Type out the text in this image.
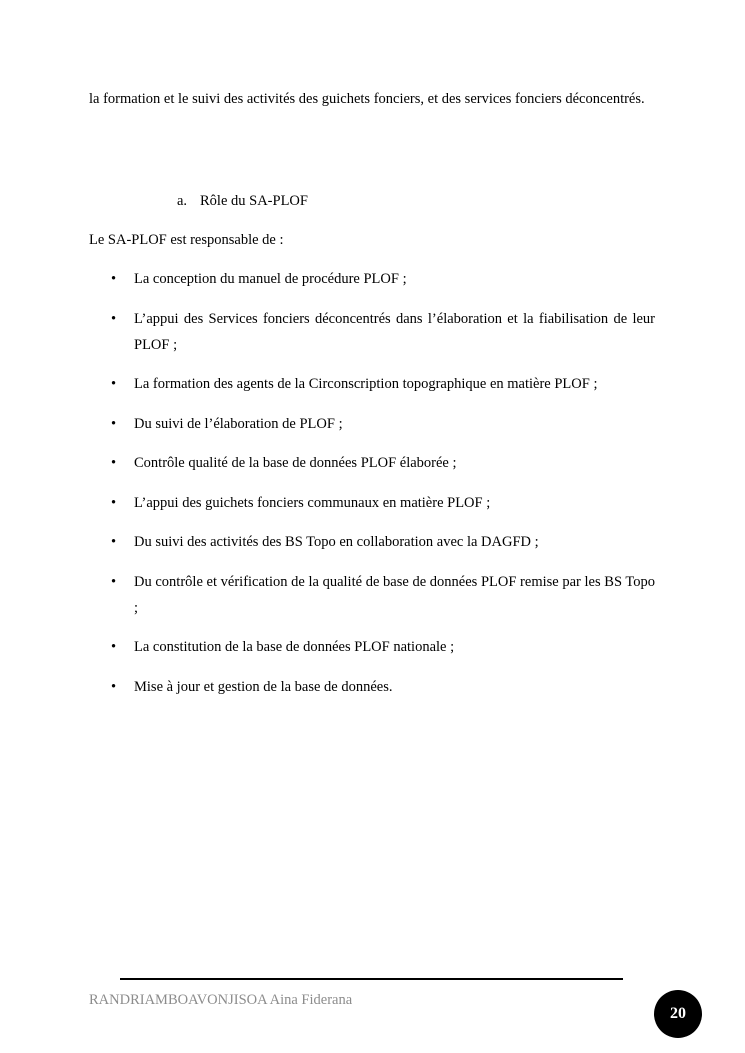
la formation et le suivi des activités des guichets fonciers, et des services fonciers déconcentrés.

a. Rôle du SA-PLOF

Le SA-PLOF est responsable de :

•	La conception du manuel de procédure PLOF ;
•	L’appui des Services fonciers déconcentrés dans l’élaboration et la fiabilisation de leur PLOF ;
•	La formation des agents de la Circonscription topographique en matière PLOF ;
•	Du suivi de l’élaboration de PLOF ;
•	Contrôle qualité de la base de données PLOF élaborée ;
•	L’appui des guichets fonciers communaux en matière PLOF ;
•	Du suivi des activités des BS Topo en collaboration avec la DAGFD ;
•	Du contrôle et vérification de la qualité de base de données PLOF remise par les BS Topo ;
•	La constitution de la base de données PLOF nationale ;
•	Mise à jour et gestion de la base de données.

RANDRIAMBOAVONJISOA Aina Fiderana

20
